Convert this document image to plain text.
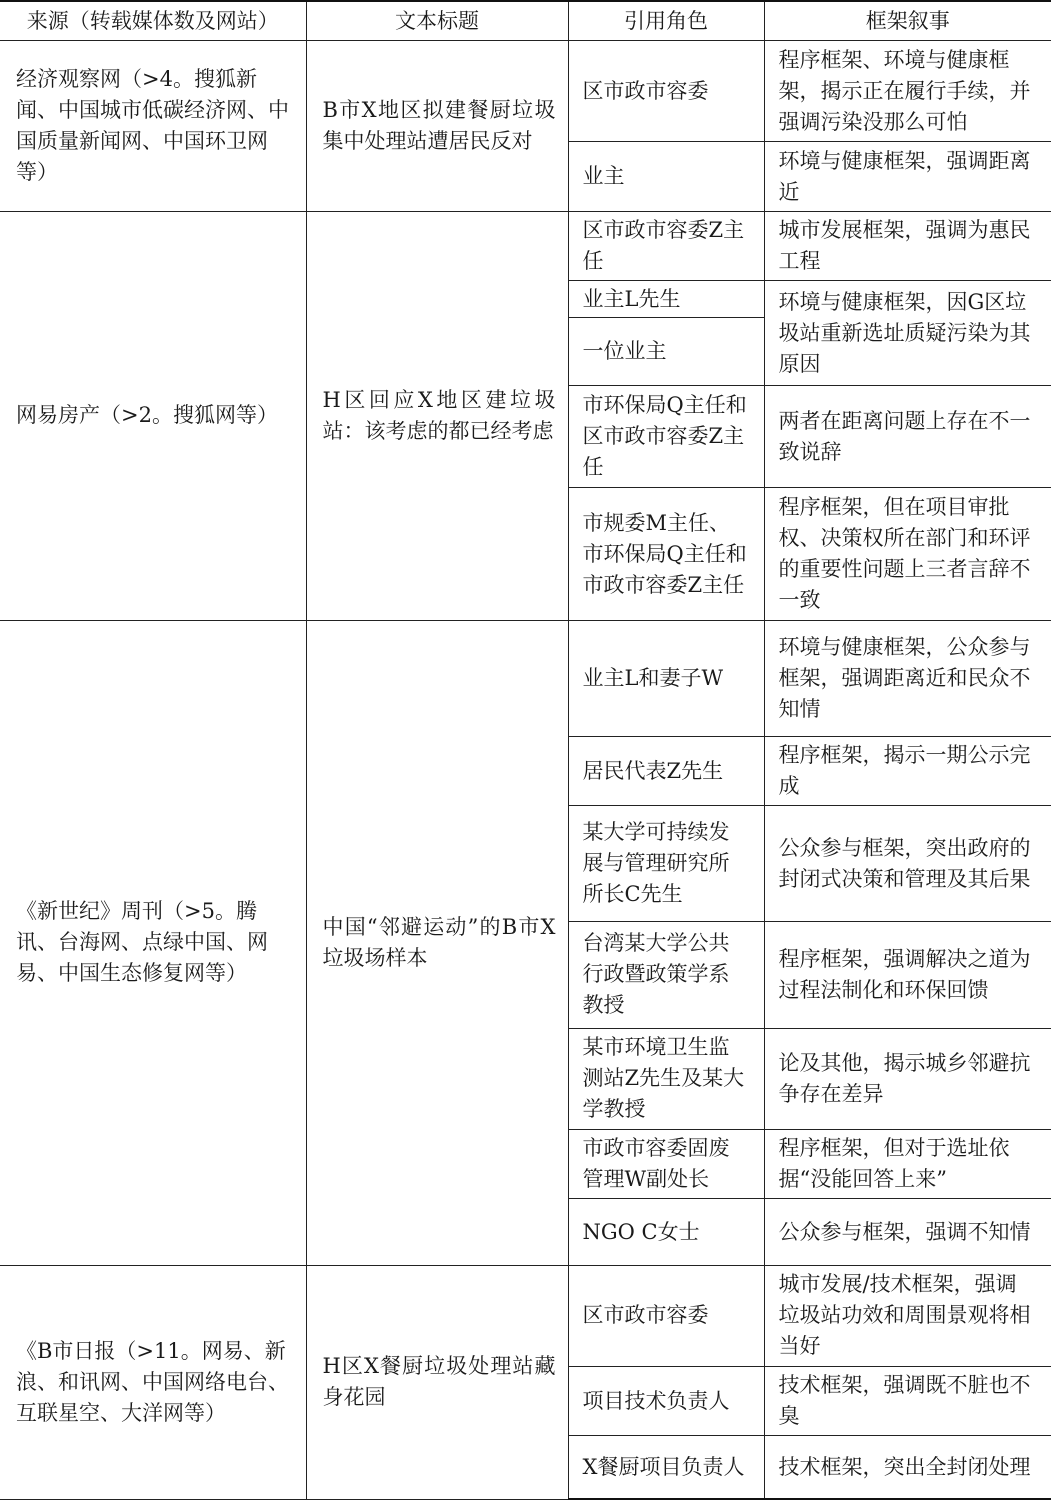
来源（转载媒体数及网站）	文本标题	引用角色	框架叙事
经济观察网（>4。搜狐新闻、中国城市低碳经济网、中国质量新闻网、中国环卫网等）	B市X地区拟建餐厨垃圾集中处理站遭居民反对	区市政市容委	程序框架、环境与健康框架，揭示正在履行手续，并强调污染没那么可怕
		业主	环境与健康框架，强调距离近
网易房产（>2。搜狐网等）	H区回应X地区建垃圾站：该考虑的都已经考虑	区市政市容委Z主任	城市发展框架，强调为惠民工程
		业主L先生	环境与健康框架，因G区垃圾站重新选址质疑污染为其原因
		一位业主	
		市环保局Q主任和区市政市容委Z主任	两者在距离问题上存在不一致说辞
		市规委M主任、市环保局Q主任和市政市容委Z主任	程序框架，但在项目审批权、决策权所在部门和环评的重要性问题上三者言辞不一致
《新世纪》周刊（>5。腾讯、台海网、点绿中国、网易、中国生态修复网等）	中国“邻避运动”的B市X垃圾场样本	业主L和妻子W	环境与健康框架，公众参与框架，强调距离近和民众不知情
		居民代表Z先生	程序框架，揭示一期公示完成
		某大学可持续发展与管理研究所所长C先生	公众参与框架，突出政府的封闭式决策和管理及其后果
		台湾某大学公共行政暨政策学系教授	程序框架，强调解决之道为过程法制化和环保回馈
		某市环境卫生监测站Z先生及某大学教授	论及其他，揭示城乡邻避抗争存在差异
		市政市容委固废管理W副处长	程序框架，但对于选址依据“没能回答上来”
		NGO C女士	公众参与框架，强调不知情
《B市日报（>11。网易、新浪、和讯网、中国网络电台、互联星空、大洋网等）	H区X餐厨垃圾处理站藏身花园	区市政市容委	城市发展/技术框架，强调垃圾站功效和周围景观将相当好
		项目技术负责人	技术框架，强调既不脏也不臭
		X餐厨项目负责人	技术框架，突出全封闭处理
